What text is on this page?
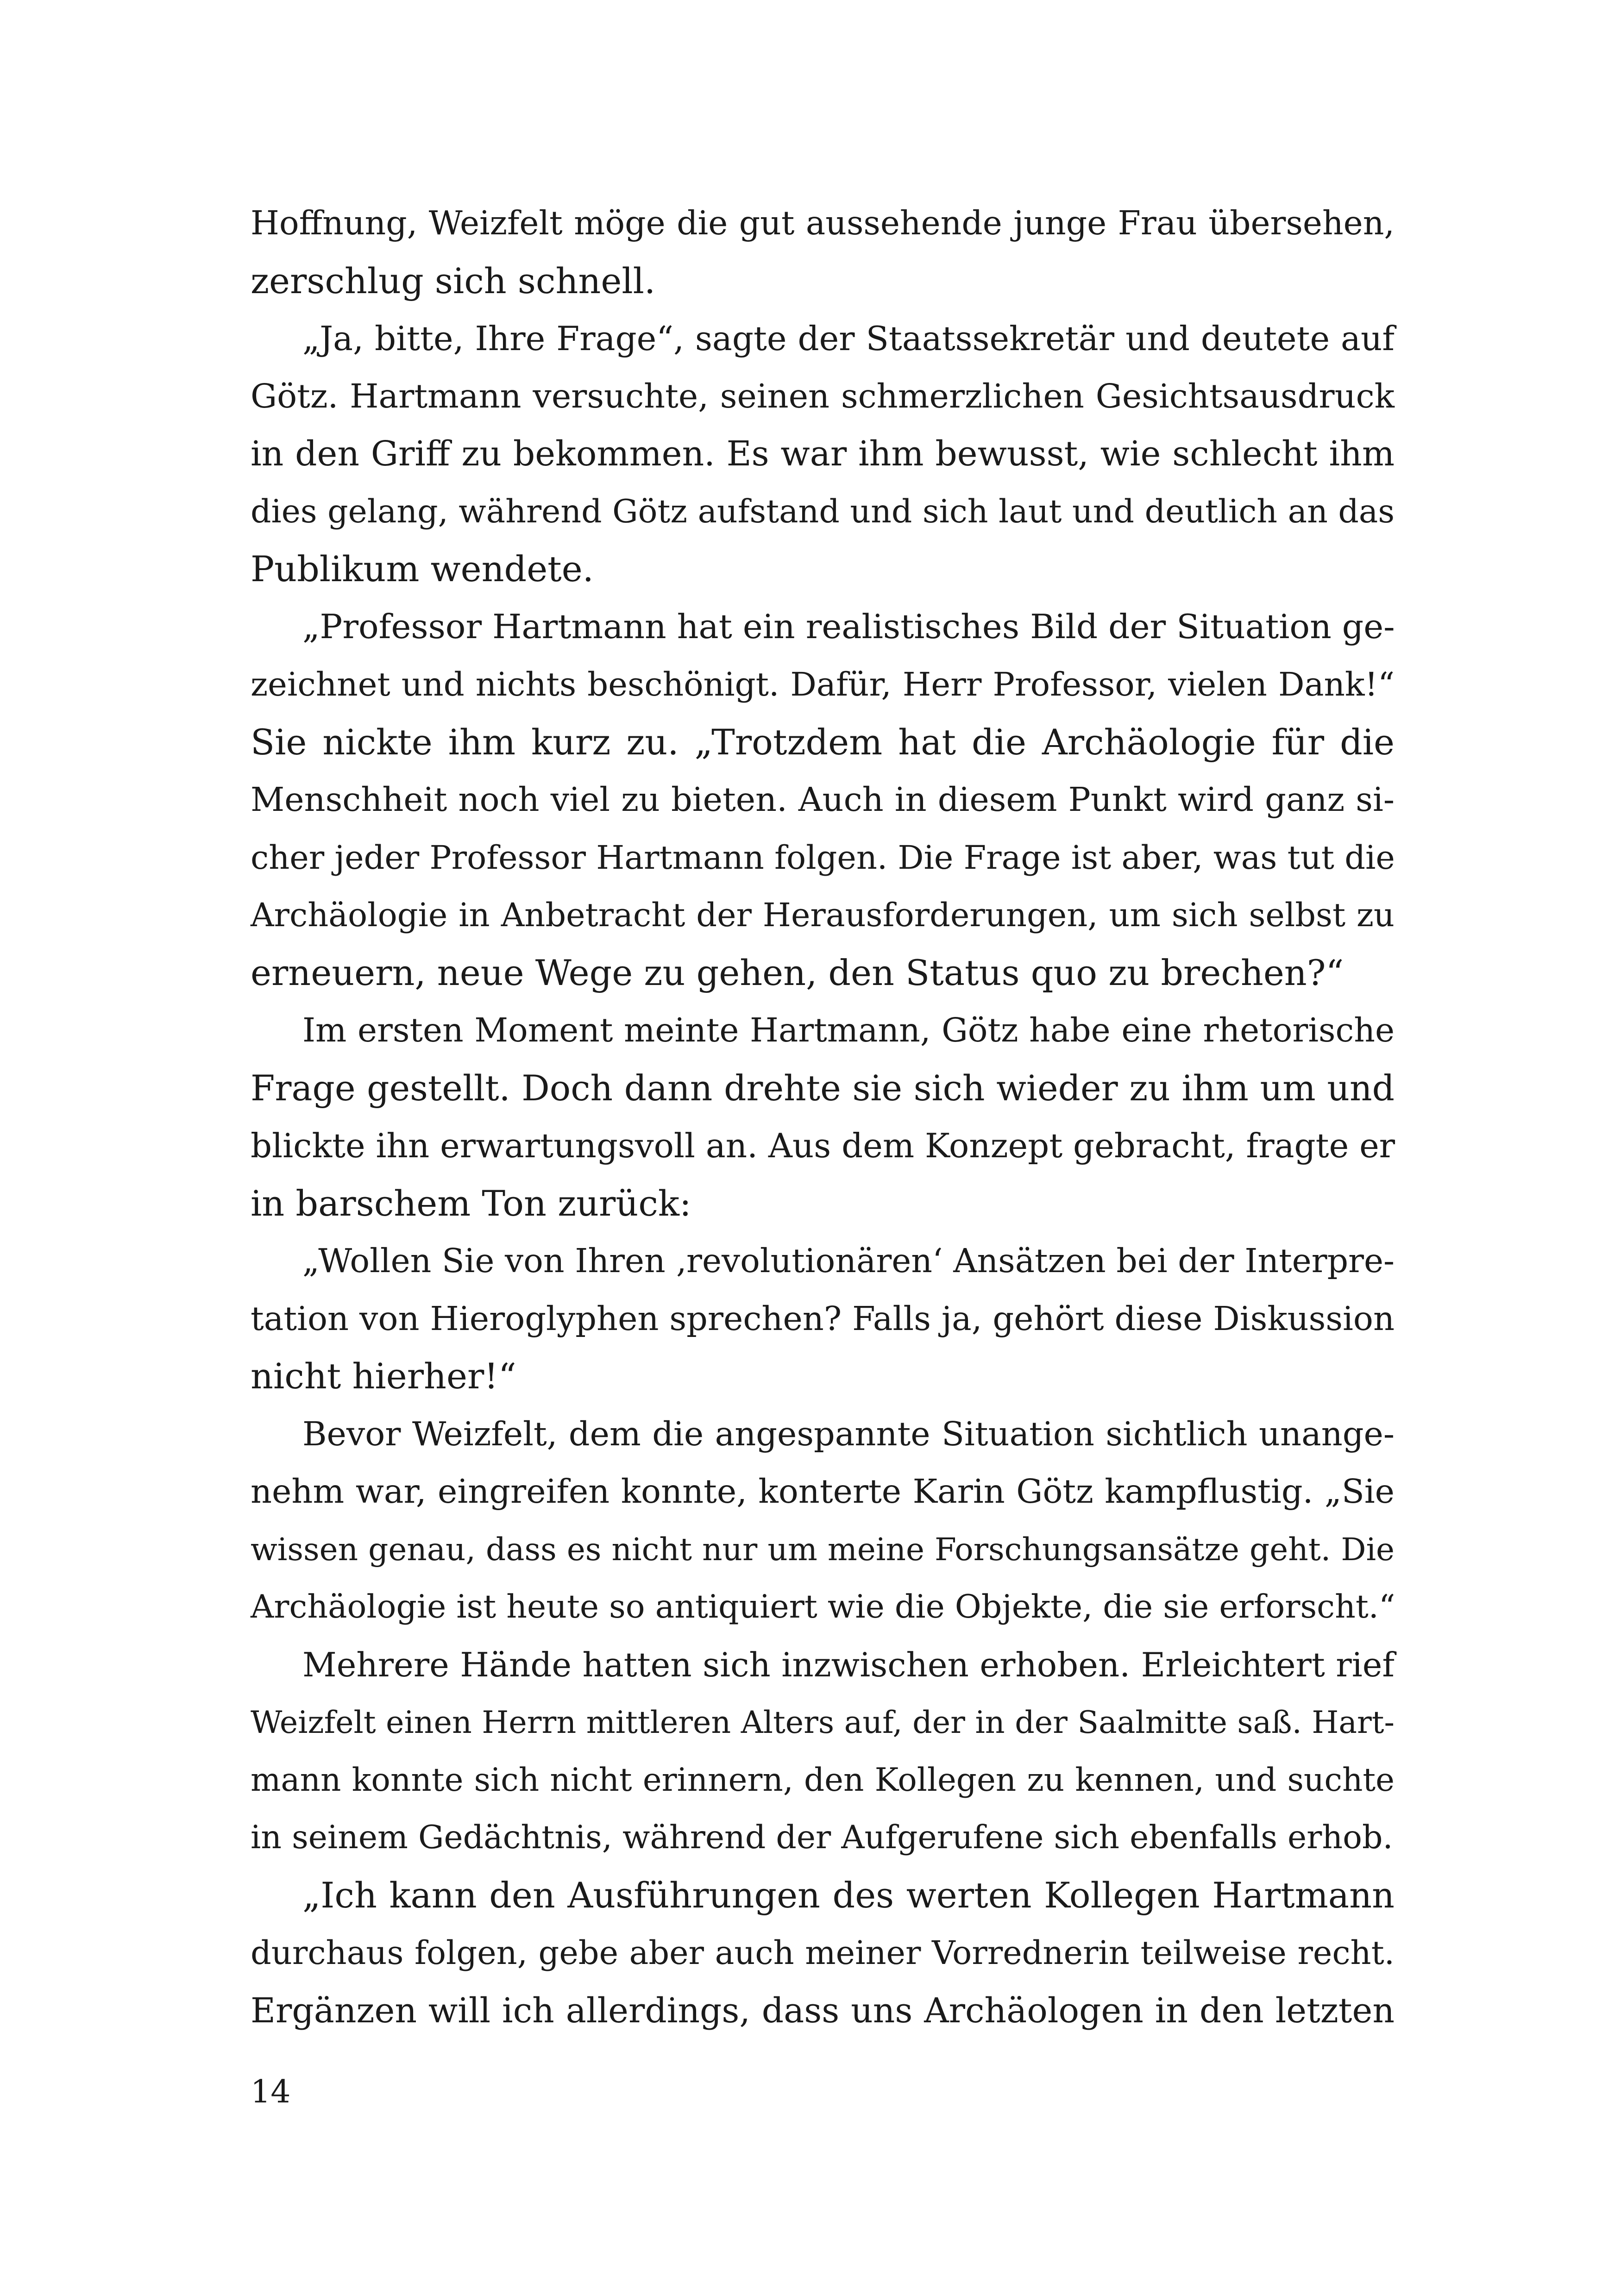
Hoffnung, Weizfelt möge die gut aussehende junge Frau übersehen,
zerschlug sich schnell.
„Ja, bitte, Ihre Frage“, sagte der Staatssekretär und deutete auf
Götz. Hartmann versuchte, seinen schmerzlichen Gesichtsausdruck
in den Griff zu bekommen. Es war ihm bewusst, wie schlecht ihm
dies gelang, während Götz aufstand und sich laut und deutlich an das
Publikum wendete.
„Professor Hartmann hat ein realistisches Bild der Situation ge-
zeichnet und nichts beschönigt. Dafür, Herr Professor, vielen Dank!“
Sie nickte ihm kurz zu. „Trotzdem hat die Archäologie für die
Menschheit noch viel zu bieten. Auch in diesem Punkt wird ganz si-
cher jeder Professor Hartmann folgen. Die Frage ist aber, was tut die
Archäologie in Anbetracht der Herausforderungen, um sich selbst zu
erneuern, neue Wege zu gehen, den Status quo zu brechen?“
Im ersten Moment meinte Hartmann, Götz habe eine rhetorische
Frage gestellt. Doch dann drehte sie sich wieder zu ihm um und
blickte ihn erwartungsvoll an. Aus dem Konzept gebracht, fragte er
in barschem Ton zurück:
„Wollen Sie von Ihren ‚revolutionären‘ Ansätzen bei der Interpre-
tation von Hieroglyphen sprechen? Falls ja, gehört diese Diskussion
nicht hierher!“
Bevor Weizfelt, dem die angespannte Situation sichtlich unange-
nehm war, eingreifen konnte, konterte Karin Götz kampflustig. „Sie
wissen genau, dass es nicht nur um meine Forschungsansätze geht. Die
Archäologie ist heute so antiquiert wie die Objekte, die sie erforscht.“
Mehrere Hände hatten sich inzwischen erhoben. Erleichtert rief
Weizfelt einen Herrn mittleren Alters auf, der in der Saalmitte saß. Hart-
mann konnte sich nicht erinnern, den Kollegen zu kennen, und suchte
in seinem Gedächtnis, während der Aufgerufene sich ebenfalls erhob.
„Ich kann den Ausführungen des werten Kollegen Hartmann
durchaus folgen, gebe aber auch meiner Vorrednerin teilweise recht.
Ergänzen will ich allerdings, dass uns Archäologen in den letzten
14
